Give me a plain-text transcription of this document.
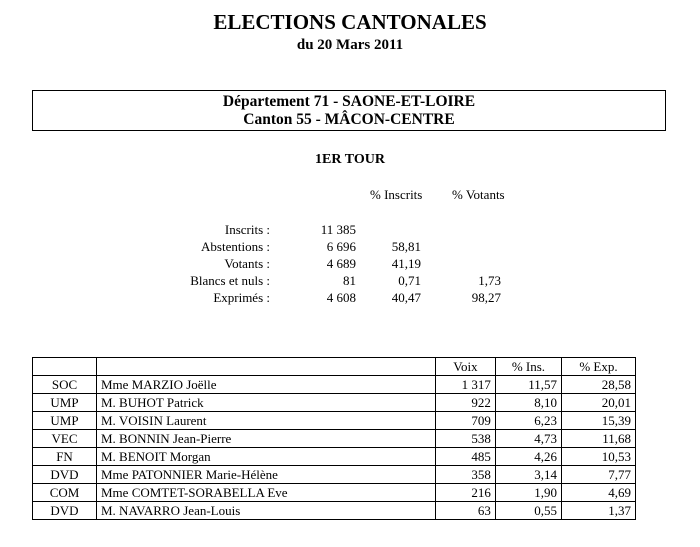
ELECTIONS CANTONALES
du 20 Mars 2011
Département 71 - SAONE-ET-LOIRE
Canton 55 - MÂCON-CENTRE
1ER TOUR
% Inscrits % Votants
Inscrits :	11 385
Abstentions :	6 696	58,81
Votants :	4 689	41,19
Blancs et nuls :	81	0,71	1,73
Exprimés :	4 608	40,47	98,27
		Voix	% Ins.	% Exp.
SOC	Mme MARZIO Joëlle	1 317	11,57	28,58
UMP	M. BUHOT Patrick	922	8,10	20,01
UMP	M. VOISIN Laurent	709	6,23	15,39
VEC	M. BONNIN Jean-Pierre	538	4,73	11,68
FN	M. BENOIT Morgan	485	4,26	10,53
DVD	Mme PATONNIER Marie-Hélène	358	3,14	7,77
COM	Mme COMTET-SORABELLA Eve	216	1,90	4,69
DVD	M. NAVARRO Jean-Louis	63	0,55	1,37
